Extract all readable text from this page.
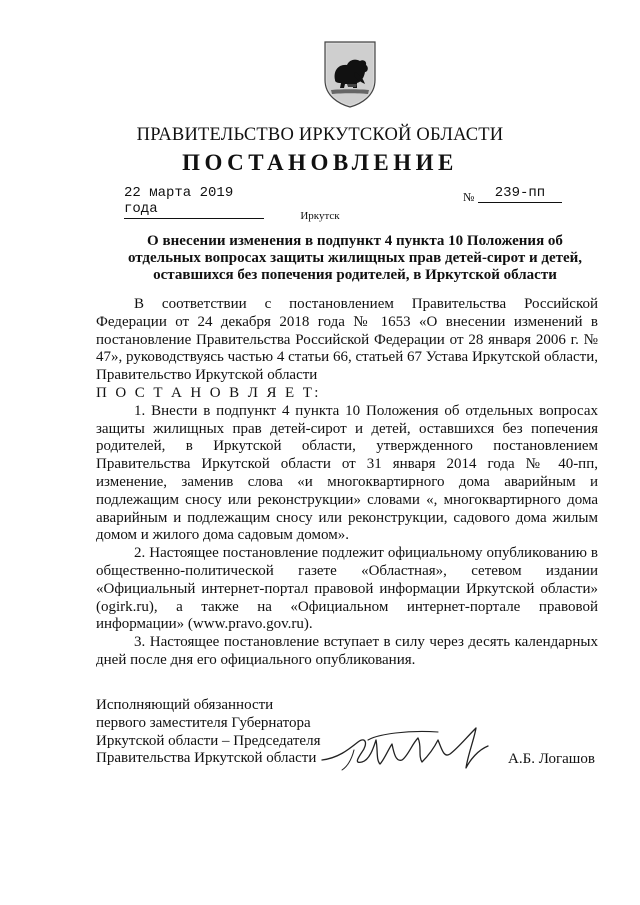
ПРАВИТЕЛЬСТВО ИРКУТСКОЙ ОБЛАСТИ
ПОСТАНОВЛЕНИЕ
22 марта 2019 года
№	239-пп
Иркутск
О внесении изменения в подпункт 4 пункта 10 Положения об отдельных вопросах защиты жилищных прав детей-сирот и детей, оставшихся без попечения родителей, в Иркутской области

В соответствии с постановлением Правительства Российской Федерации от 24 декабря 2018 года № 1653 «О внесении изменений в постановление Правительства Российской Федерации от 28 января 2006 г. № 47», руководствуясь частью 4 статьи 66, статьей 67 Устава Иркутской области, Правительство Иркутской области

П О С Т А Н О В Л Я Е Т:

1. Внести в подпункт 4 пункта 10 Положения об отдельных вопросах защиты жилищных прав детей-сирот и детей, оставшихся без попечения родителей, в Иркутской области, утвержденного постановлением Правительства Иркутской области от 31 января 2014 года № 40-пп, изменение, заменив слова «и многоквартирного дома аварийным и подлежащим сносу или реконструкции» словами «, многоквартирного дома аварийным и подлежащим сносу или реконструкции, садового дома жилым домом и жилого дома садовым домом».

2. Настоящее постановление подлежит официальному опубликованию в общественно-политической газете «Областная», сетевом издании «Официальный интернет-портал правовой информации Иркутской области» (ogirk.ru), а также на «Официальном интернет-портале правовой информации» (www.pravo.gov.ru).

3. Настоящее постановление вступает в силу через десять календарных дней после дня его официального опубликования.

Исполняющий обязанности
первого заместителя Губернатора
Иркутской области – Председателя
Правительства Иркутской области	А.Б. Логашов
